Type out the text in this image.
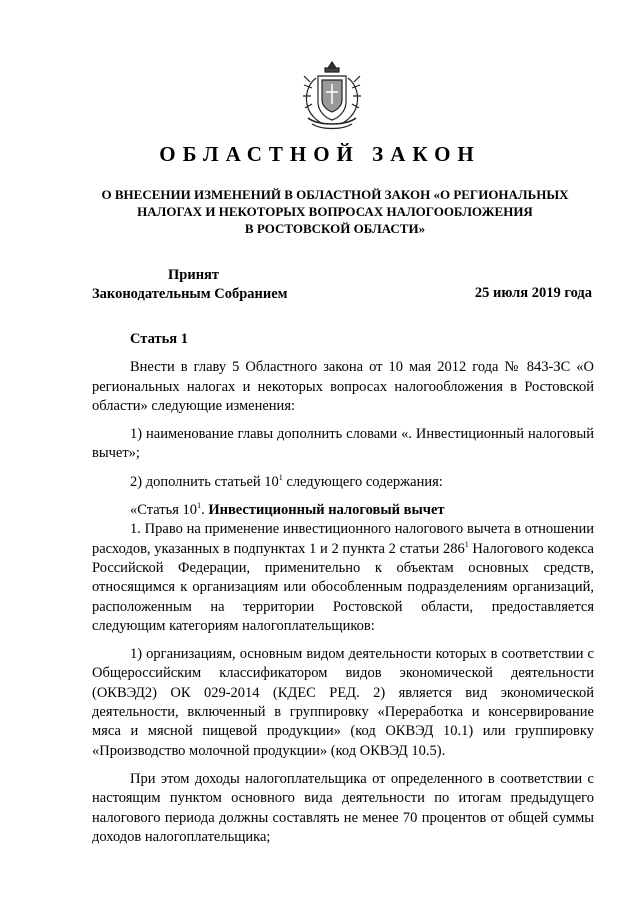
ОБЛАСТНОЙ ЗАКОН
О ВНЕСЕНИИ ИЗМЕНЕНИЙ В ОБЛАСТНОЙ ЗАКОН «О РЕГИОНАЛЬНЫХ
НАЛОГАХ И НЕКОТОРЫХ ВОПРОСАХ НАЛОГООБЛОЖЕНИЯ
В РОСТОВСКОЙ ОБЛАСТИ»
Принят
Законодательным Собранием	25 июля 2019 года

Статья 1

Внести в главу 5 Областного закона от 10 мая 2012 года № 843-ЗС «О региональных налогах и некоторых вопросах налогообложения в Ростовской области» следующие изменения:

1) наименование главы дополнить словами «. Инвестиционный налоговый вычет»;

2) дополнить статьей $10^1$ следующего содержания:

«Статья $10^1$. Инвестиционный налоговый вычет

1. Право на применение инвестиционного налогового вычета в отношении расходов, указанных в подпунктах 1 и 2 пункта 2 статьи $286^1$ Налогового кодекса Российской Федерации, применительно к объектам основных средств, относящимся к организациям или обособленным подразделениям организаций, расположенным на территории Ростовской области, предоставляется следующим категориям налогоплательщиков:

1) организациям, основным видом деятельности которых в соответствии с Общероссийским классификатором видов экономической деятельности (ОКВЭД2) ОК 029-2014 (КДЕС РЕД. 2) является вид экономической деятельности, включенный в группировку «Переработка и консервирование мяса и мясной пищевой продукции» (код ОКВЭД 10.1) или группировку «Производство молочной продукции» (код ОКВЭД 10.5).

При этом доходы налогоплательщика от определенного в соответствии с настоящим пунктом основного вида деятельности по итогам предыдущего налогового периода должны составлять не менее 70 процентов от общей суммы доходов налогоплательщика;
